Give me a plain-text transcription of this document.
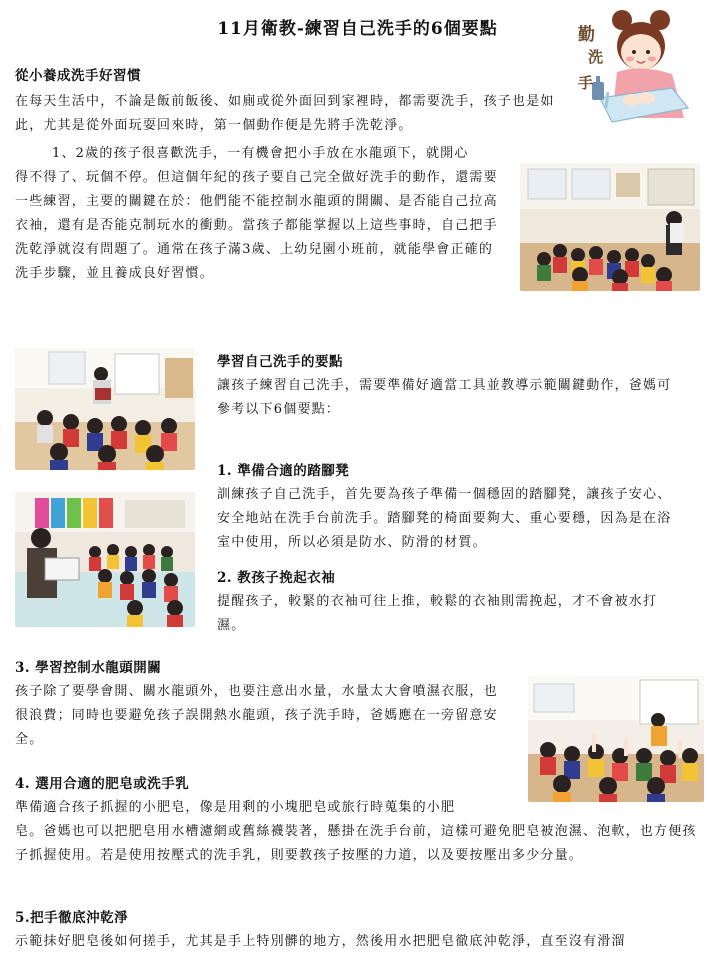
11月衛教-練習自己洗手的6個要點	勤
洗
手
從小養成洗手好習慣

在每天生活中，不論是飯前飯後、如廁或從外面回到家裡時，都需要洗手，孩子也是如此，尤其是從外面玩耍回來時，第一個動作便是先將手洗乾淨。

1、2歲的孩子很喜歡洗手，一有機會把小手放在水龍頭下，就開心

得不得了、玩個不停。但這個年紀的孩子要自己完全做好洗手的動作，還需要一些練習，主要的關鍵在於：他們能不能控制水龍頭的開關、是否能自己拉高衣袖，還有是否能克制玩水的衝動。當孩子都能掌握以上這些事時，自己把手洗乾淨就沒有問題了。通常在孩子滿3歲、上幼兒園小班前，就能學會正確的洗手步驟，並且養成良好習慣。

學習自己洗手的要點

讓孩子練習自己洗手，需要準備好適當工具並教導示範關鍵動作，爸媽可參考以下6個要點：

1. 準備合適的踏腳凳

訓練孩子自己洗手，首先要為孩子準備一個穩固的踏腳凳，讓孩子安心、安全地站在洗手台前洗手。踏腳凳的椅面要夠大、重心要穩，因為是在浴室中使用，所以必須是防水、防滑的材質。

2. 教孩子挽起衣袖

提醒孩子，較緊的衣袖可往上推，較鬆的衣袖則需挽起，才不會被水打濕。

3. 學習控制水龍頭開關

孩子除了要學會開、關水龍頭外，也要注意出水量，水量太大會噴濕衣服，也很浪費；同時也要避免孩子誤開熱水龍頭，孩子洗手時，爸媽應在一旁留意安全。

4. 選用合適的肥皂或洗手乳

準備適合孩子抓握的小肥皂，像是用剩的小塊肥皂或旅行時蒐集的小肥

皂。爸媽也可以把肥皂用水槽濾網或舊絲襪裝著，懸掛在洗手台前，這樣可避免肥皂被泡濕、泡軟，也方便孩子抓握使用。若是使用按壓式的洗手乳，則要教孩子按壓的力道，以及要按壓出多少分量。

5.把手徹底沖乾淨

示範抹好肥皂後如何搓手，尤其是手上特別髒的地方，然後用水把肥皂徹底沖乾淨，直至沒有滑溜
